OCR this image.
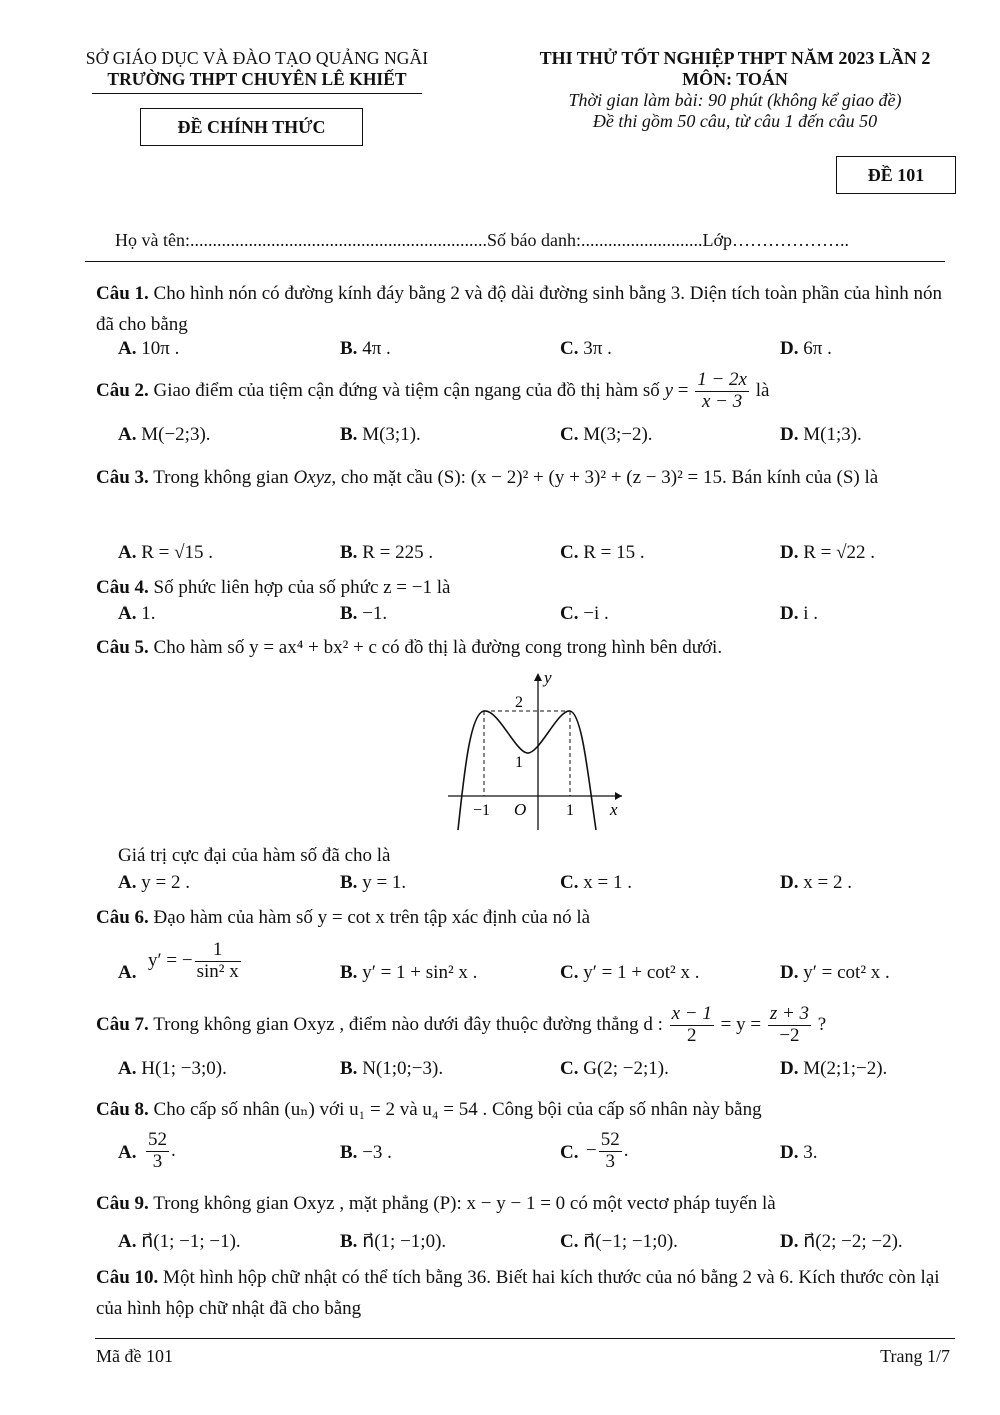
SỞ GIÁO DỤC VÀ ĐÀO TẠO QUẢNG NGÃI
TRƯỜNG THPT CHUYÊN LÊ KHIẾT
ĐỀ CHÍNH THỨC
THI THỬ TỐT NGHIỆP THPT NĂM 2023 LẦN 2
MÔN: TOÁN
Thời gian làm bài: 90 phút (không kể giao đề)
Đề thi gồm 50 câu, từ câu 1 đến câu 50
ĐỀ 101
Họ và tên:..................................................................Số báo danh:...........................Lớp………………..
Câu 1. Cho hình nón có đường kính đáy bằng 2 và độ dài đường sinh bằng 3. Diện tích toàn phần của hình nón đã cho bằng
A. 10π .	B. 4π .	C. 3π .	D. 6π .
Câu 2. Giao điểm của tiệm cận đứng và tiệm cận ngang của đồ thị hàm số $y = \frac{1 - 2x}{x - 3}$ là
A. M(−2;3).	B. M(3;1).	C. M(3;−2).	D. M(1;3).
Câu 3. Trong không gian Oxyz, cho mặt cầu (S): (x − 2)² + (y + 3)² + (z − 3)² = 15. Bán kính của (S) là
A. R = √15 .	B. R = 225 .	C. R = 15 .	D. R = √22 .
Câu 4. Số phức liên hợp của số phức z = −1 là
A. 1.	B. −1.	C. −i .	D. i .
Câu 5. Cho hàm số y = ax⁴ + bx² + c có đồ thị là đường cong trong hình bên dưới.
y
x
O
2
1
−1	1
Giá trị cực đại của hàm số đã cho là
A. y = 2 .	B. y = 1.	C. x = 1 .	D. x = 2 .
Câu 6. Đạo hàm của hàm số y = cot x trên tập xác định của nó là
A.
y′ = − $\frac{1}{\text{sin² x}}$	B. y′ = 1 + sin² x .	C. y′ = 1 + cot² x .	D. y′ = cot² x .
Câu 7. Trong không gian Oxyz , điểm nào dưới đây thuộc đường thẳng d : $\frac{x - 1}{2} = y = \frac{z + 3}{-2}$ ?
A. H(1; −3;0).	B. N(1;0;−3).	C. G(2; −2;1).	D. M(2;1;−2).
Câu 8. Cho cấp số nhân (uₙ) với u₁ = 2 và u₄ = 54 . Công bội của cấp số nhân này bằng
A. $\frac{52}{3}$ .	B. −3 .	C. − $\frac{52}{3}$ .	D. 3.
Câu 9. Trong không gian Oxyz , mặt phẳng (P): x − y − 1 = 0 có một vectơ pháp tuyến là
A. n⃗(1; −1; −1).	B. n⃗(1; −1;0).	C. n⃗(−1; −1;0).	D. n⃗(2; −2; −2).
Câu 10. Một hình hộp chữ nhật có thể tích bằng 36. Biết hai kích thước của nó bằng 2 và 6. Kích thước còn lại của hình hộp chữ nhật đã cho bằng
Mã đề 101	Trang 1/7
